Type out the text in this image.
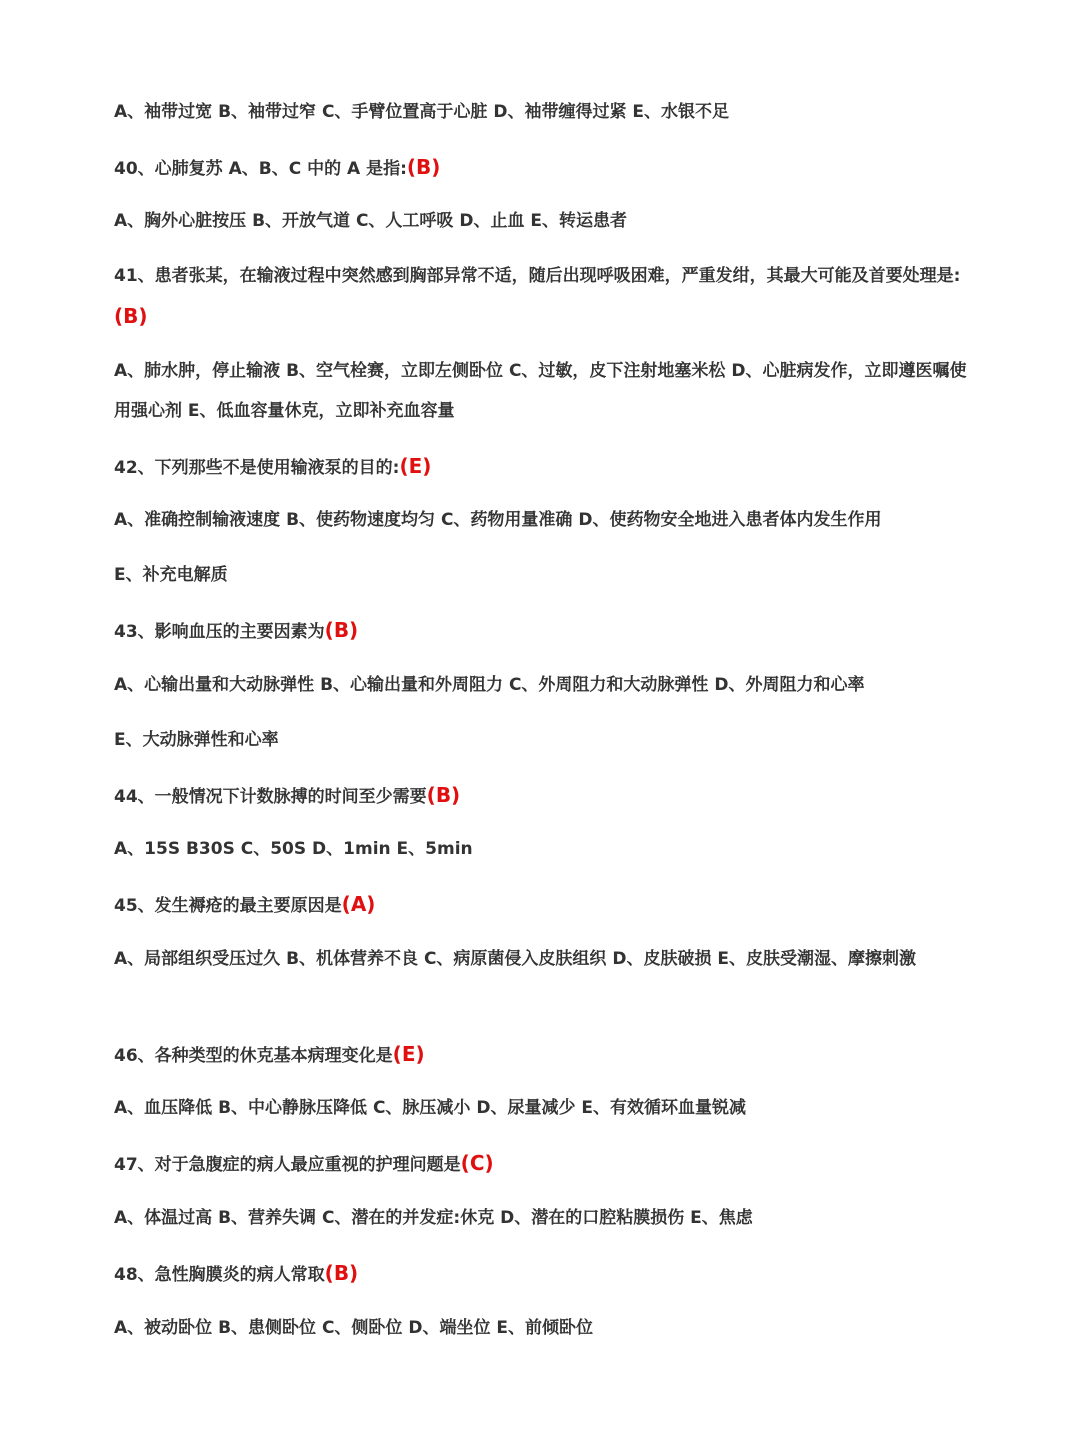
A、袖带过宽 B、袖带过窄 C、手臂位置高于心脏 D、袖带缠得过紧 E、水银不足
40、心肺复苏 A、B、C 中的 A 是指:(B)
A、胸外心脏按压 B、开放气道 C、人工呼吸 D、止血 E、转运患者
41、患者张某，在输液过程中突然感到胸部异常不适，随后出现呼吸困难，严重发绀，其最大可能及首要处理是:(B)
A、肺水肿，停止输液 B、空气栓赛，立即左侧卧位 C、过敏，皮下注射地塞米松 D、心脏病发作，立即遵医嘱使用强心剂 E、低血容量休克，立即补充血容量
42、下列那些不是使用输液泵的目的:(E)
A、准确控制输液速度 B、使药物速度均匀 C、药物用量准确 D、使药物安全地进入患者体内发生作用
E、补充电解质
43、影响血压的主要因素为(B)
A、心输出量和大动脉弹性 B、心输出量和外周阻力 C、外周阻力和大动脉弹性 D、外周阻力和心率
E、大动脉弹性和心率
44、一般情况下计数脉搏的时间至少需要(B)
A、15S B30S C、50S D、1min E、5min
45、发生褥疮的最主要原因是(A)
A、局部组织受压过久 B、机体营养不良 C、病原菌侵入皮肤组织 D、皮肤破损 E、皮肤受潮湿、摩擦刺激
46、各种类型的休克基本病理变化是(E)
A、血压降低 B、中心静脉压降低 C、脉压减小 D、尿量减少 E、有效循环血量锐减
47、对于急腹症的病人最应重视的护理问题是(C)
A、体温过高 B、营养失调 C、潜在的并发症:休克 D、潜在的口腔粘膜损伤 E、焦虑
48、急性胸膜炎的病人常取(B)
A、被动卧位 B、患侧卧位 C、侧卧位 D、端坐位 E、前倾卧位
